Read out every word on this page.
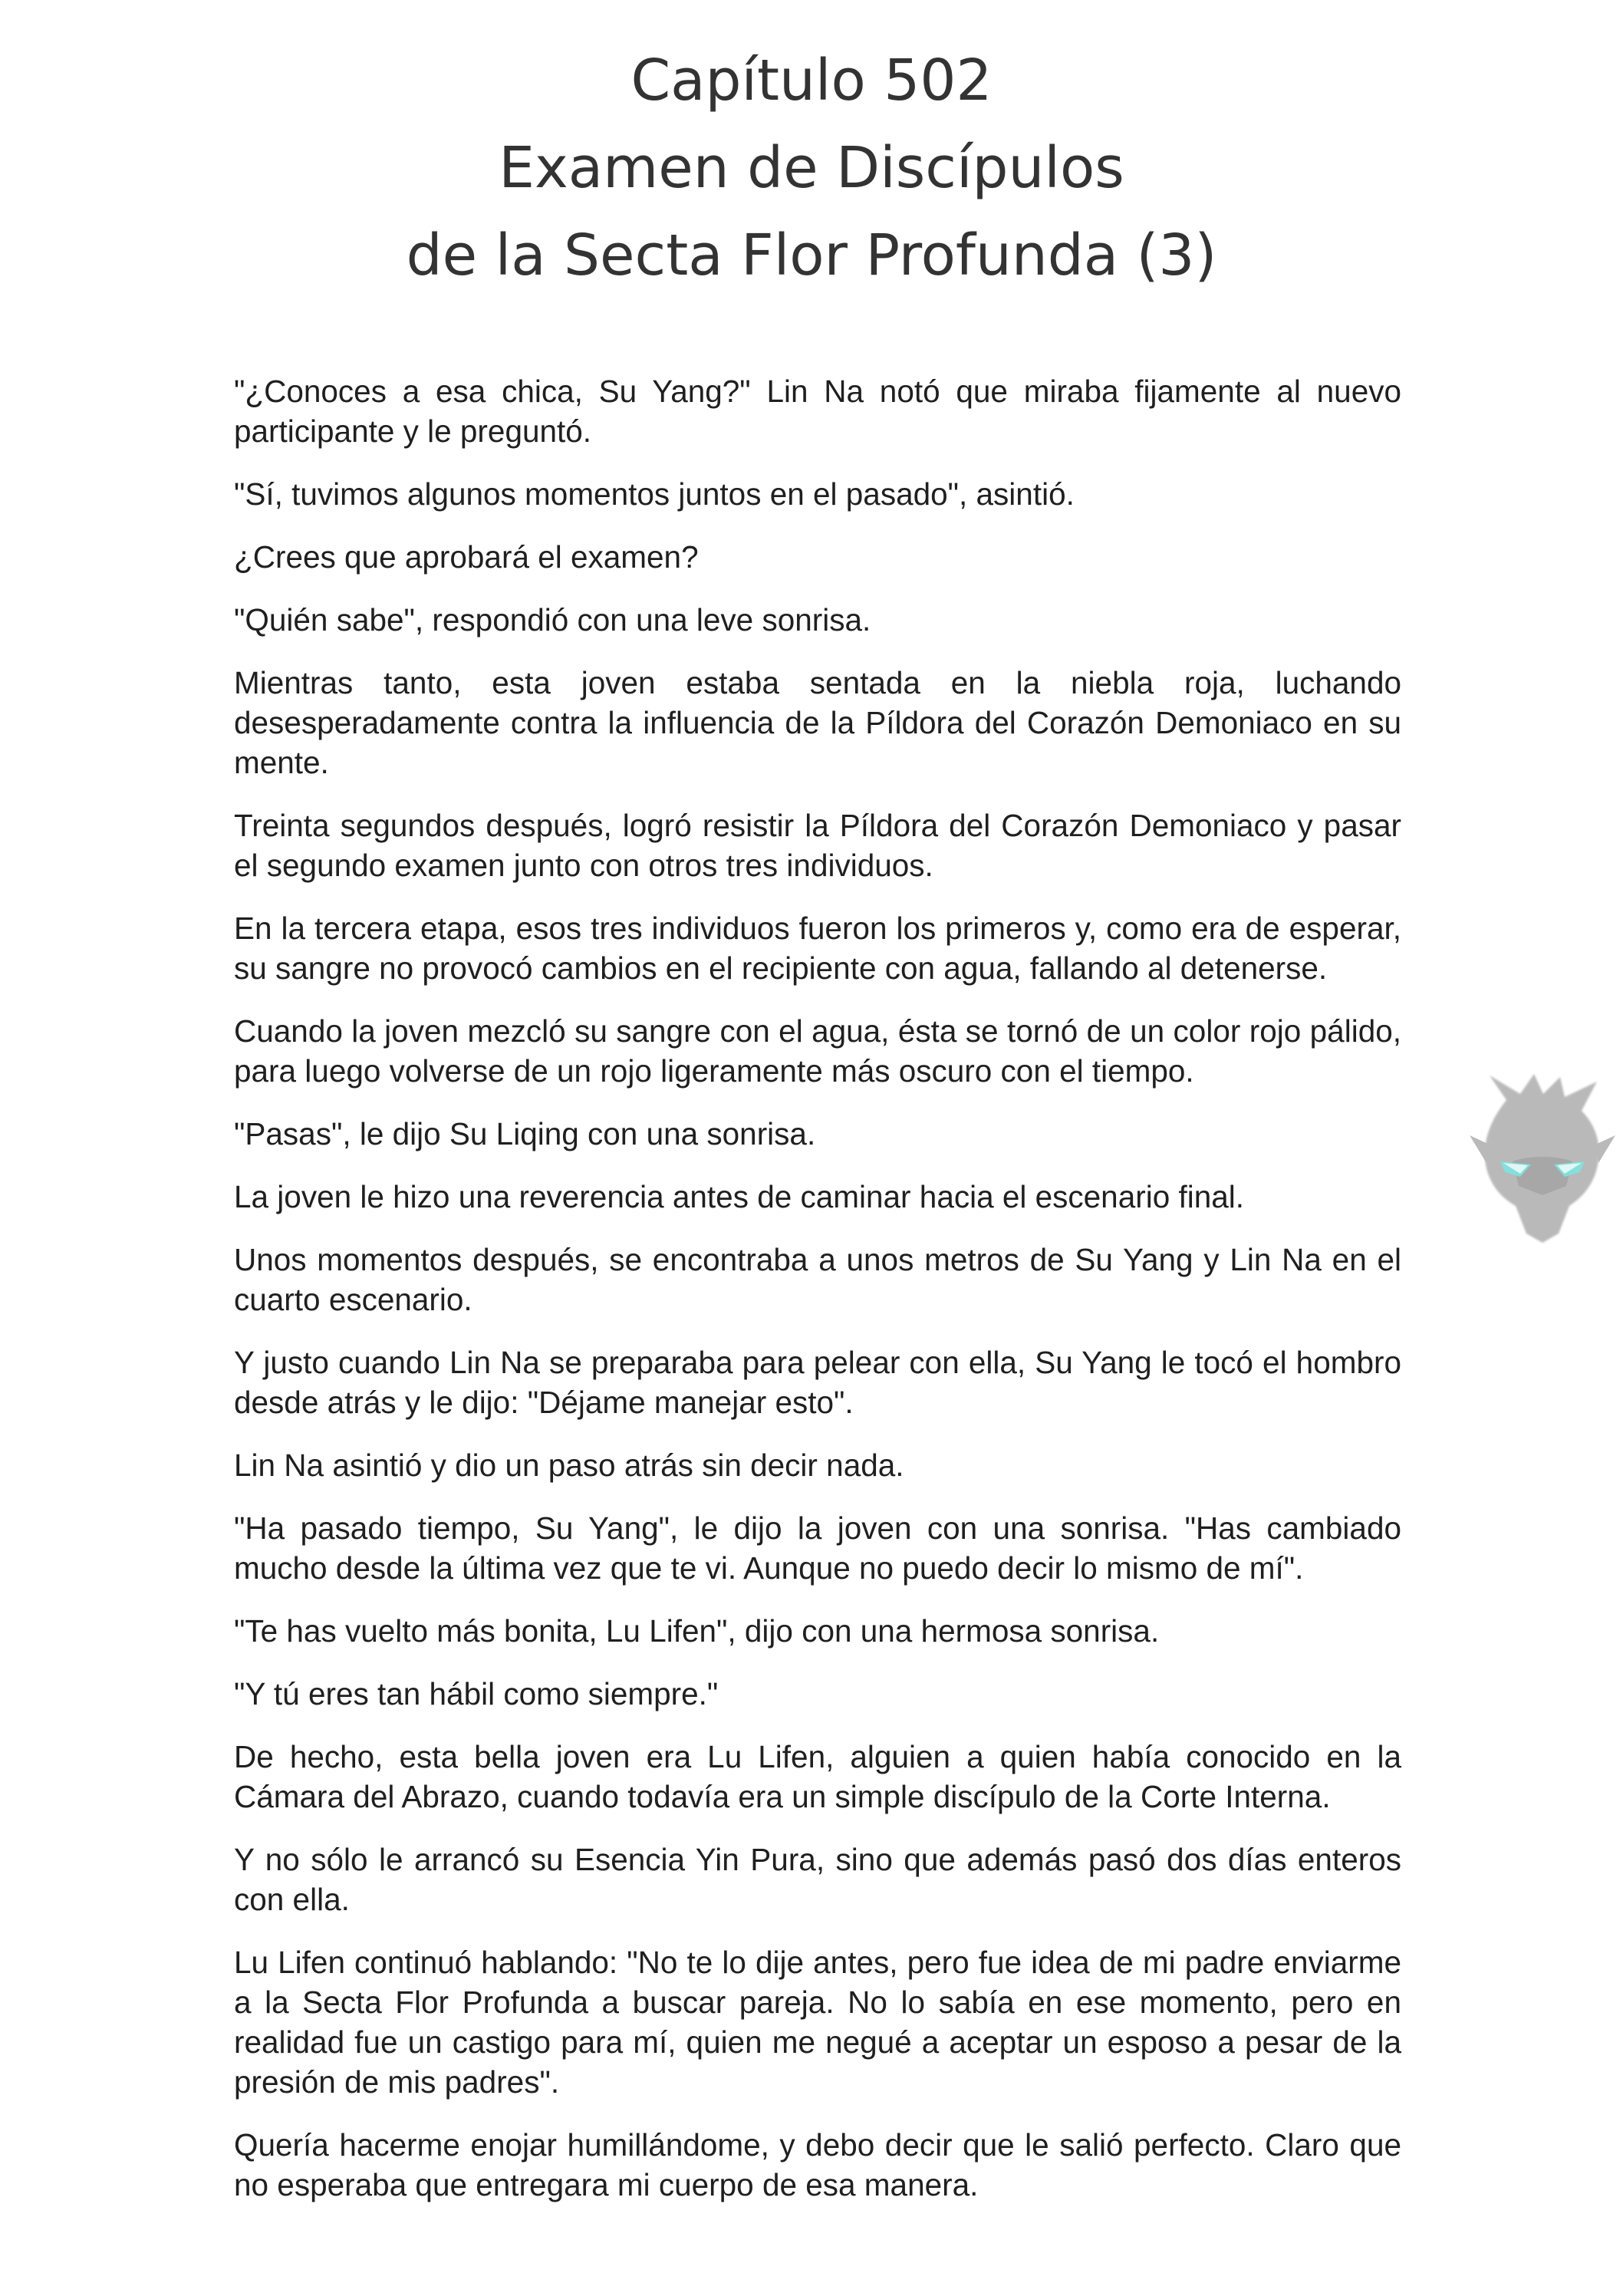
Capítulo 502
Examen de Discípulos
de la Secta Flor Profunda (3)

"¿Conoces a esa chica, Su Yang?" Lin Na notó que miraba fijamente al nuevo participante y le preguntó.

"Sí, tuvimos algunos momentos juntos en el pasado", asintió.

¿Crees que aprobará el examen?

"Quién sabe", respondió con una leve sonrisa.

Mientras tanto, esta joven estaba sentada en la niebla roja, luchando desesperadamente contra la influencia de la Píldora del Corazón Demoniaco en su mente.

Treinta segundos después, logró resistir la Píldora del Corazón Demoniaco y pasar el segundo examen junto con otros tres individuos.

En la tercera etapa, esos tres individuos fueron los primeros y, como era de esperar, su sangre no provocó cambios en el recipiente con agua, fallando al detenerse.

Cuando la joven mezcló su sangre con el agua, ésta se tornó de un color rojo pálido, para luego volverse de un rojo ligeramente más oscuro con el tiempo.

"Pasas", le dijo Su Liqing con una sonrisa.

La joven le hizo una reverencia antes de caminar hacia el escenario final.

Unos momentos después, se encontraba a unos metros de Su Yang y Lin Na en el cuarto escenario.

Y justo cuando Lin Na se preparaba para pelear con ella, Su Yang le tocó el hombro desde atrás y le dijo: "Déjame manejar esto".

Lin Na asintió y dio un paso atrás sin decir nada.

"Ha pasado tiempo, Su Yang", le dijo la joven con una sonrisa. "Has cambiado mucho desde la última vez que te vi. Aunque no puedo decir lo mismo de mí".

"Te has vuelto más bonita, Lu Lifen", dijo con una hermosa sonrisa.

"Y tú eres tan hábil como siempre."

De hecho, esta bella joven era Lu Lifen, alguien a quien había conocido en la Cámara del Abrazo, cuando todavía era un simple discípulo de la Corte Interna.

Y no sólo le arrancó su Esencia Yin Pura, sino que además pasó dos días enteros con ella.

Lu Lifen continuó hablando: "No te lo dije antes, pero fue idea de mi padre enviarme a la Secta Flor Profunda a buscar pareja. No lo sabía en ese momento, pero en realidad fue un castigo para mí, quien me negué a aceptar un esposo a pesar de la presión de mis padres".

Quería hacerme enojar humillándome, y debo decir que le salió perfecto. Claro que no esperaba que entregara mi cuerpo de esa manera.
